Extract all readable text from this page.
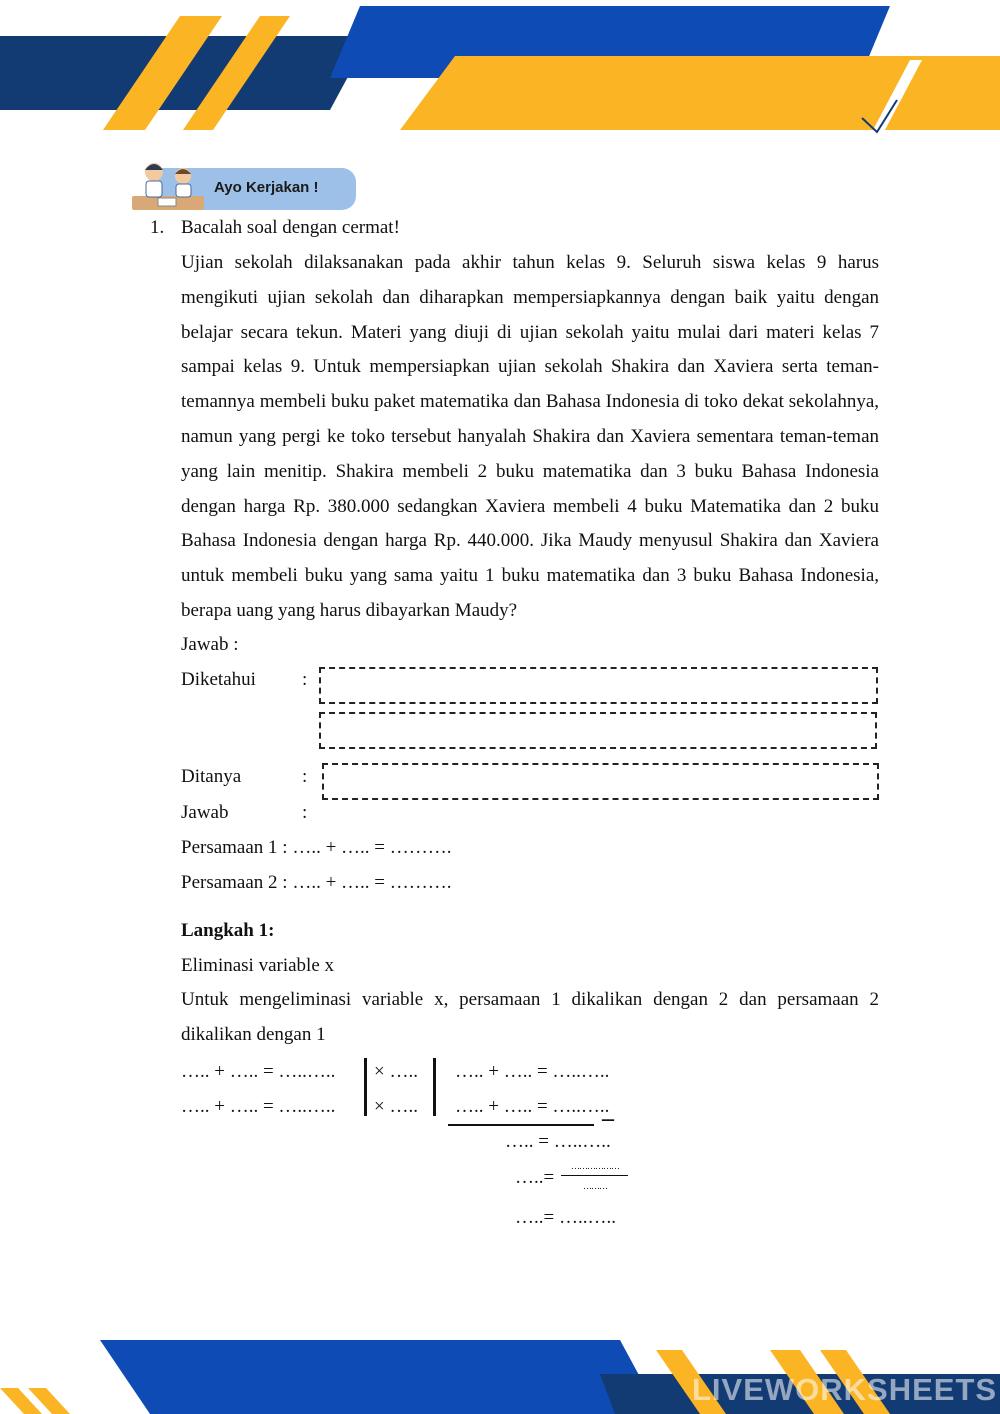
Ayo Kerjakan !
1. Bacalah soal dengan cermat!
Ujian sekolah dilaksanakan pada akhir tahun kelas 9. Seluruh siswa kelas 9 harus mengikuti ujian sekolah dan diharapkan mempersiapkannya dengan baik yaitu dengan belajar secara tekun. Materi yang diuji di ujian sekolah yaitu mulai dari materi kelas 7 sampai kelas 9. Untuk mempersiapkan ujian sekolah Shakira dan Xaviera serta teman-temannya membeli buku paket matematika dan Bahasa Indonesia di toko dekat sekolahnya, namun yang pergi ke toko tersebut hanyalah Shakira dan Xaviera sementara teman-teman yang lain menitip. Shakira membeli 2 buku matematika dan 3 buku Bahasa Indonesia dengan harga Rp. 380.000 sedangkan Xaviera membeli 4 buku Matematika dan 2 buku Bahasa Indonesia dengan harga Rp. 440.000. Jika Maudy menyusul Shakira dan Xaviera untuk membeli buku yang sama yaitu 1 buku matematika dan 3 buku Bahasa Indonesia, berapa uang yang harus dibayarkan Maudy?
Jawab :
Diketahui :
Ditanya	:
Jawab	:
Persamaan 1 : ….. + ….. = ……….
Persamaan 2 : ….. + ….. = ……….
Langkah 1:
Eliminasi variable x
Untuk mengeliminasi variable x, persamaan 1 dikalikan dengan 2 dan persamaan 2 dikalikan dengan 1
….. + ….. = …..…..
….. + ….. = …..…..
× …..
× …..
….. + ….. = …..…..
….. + ….. = …..…..
–
….. = …..…..
…..=
………………
………
…..= …..…..
LIVEWORKSHEETS
